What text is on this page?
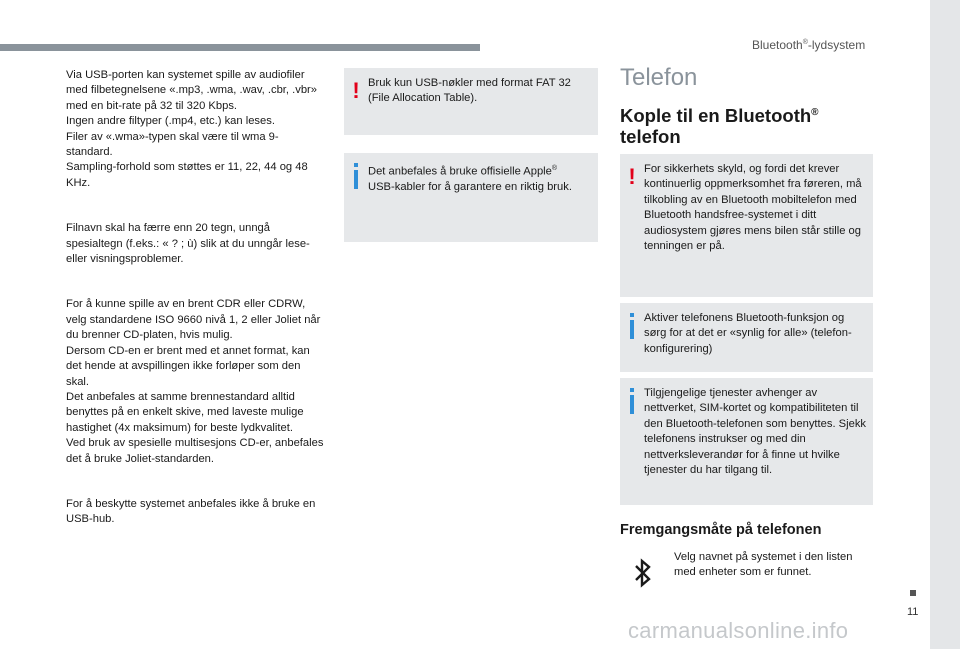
Bluetooth®-lydsystem

Via USB-porten kan systemet spille av audiofiler med filbetegnelsene «.mp3, .wma, .wav, .cbr, .vbr» med en bit-rate på 32 til 320 Kbps.
Ingen andre filtyper (.mp4, etc.) kan leses.
Filer av «.wma»-typen skal være til wma 9-standard.
Sampling-forhold som støttes er 11, 22, 44 og 48 KHz.

Filnavn skal ha færre enn 20 tegn, unngå spesialtegn (f.eks.: « ? ; ù) slik at du unngår lese- eller visningsproblemer.

For å kunne spille av en brent CDR eller CDRW, velg standardene ISO 9660 nivå 1, 2 eller Joliet når du brenner CD-platen, hvis mulig.
Dersom CD-en er brent med et annet format, kan det hende at avspillingen ikke forløper som den skal.
Det anbefales at samme brennestandard alltid benyttes på en enkelt skive, med laveste mulige hastighet (4x maksimum) for beste lydkvalitet.
Ved bruk av spesielle multisesjons CD-er, anbefales det å bruke Joliet-standarden.

For å beskytte systemet anbefales ikke å bruke en USB-hub.

! Bruk kun USB-nøkler med format FAT 32 (File Allocation Table).
Det anbefales å bruke offisielle Apple®
USB-kabler for å garantere en riktig bruk.
Telefon
Kople til en Bluetooth®
telefon
! For sikkerhets skyld, og fordi det krever kontinuerlig oppmerksomhet fra føreren, må tilkobling av en Bluetooth mobiltelefon med Bluetooth handsfree-systemet i ditt audiosystem gjøres mens bilen står stille og tenningen er på.
Aktiver telefonens Bluetooth-funksjon og sørg for at det er «synlig for alle» (telefon-konfigurering)
Tilgjengelige tjenester avhenger av nettverket, SIM-kortet og kompatibiliteten til den Bluetooth-telefonen som benyttes. Sjekk telefonens instrukser og med din nettverksleverandør for å finne ut hvilke tjenester du har tilgang til.
Fremgangsmåte på telefonen
Velg navnet på systemet i den listen med enheter som er funnet.
11
carmanualsonline.info
